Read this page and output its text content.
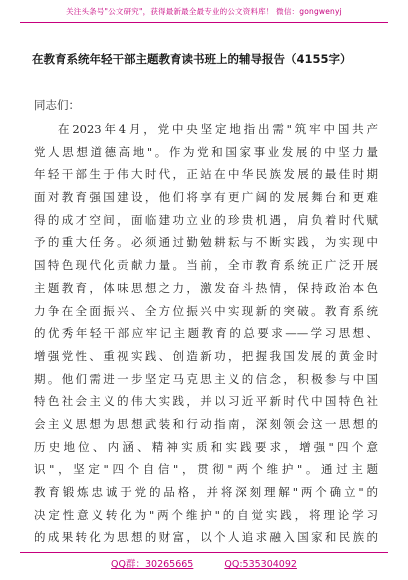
关注头条号"公文研究"，获得最新最全最专业的公文资料库！ 微信：gongwenyj
在教育系统年轻干部主题教育读书班上的辅导报告（4155字）
同志们：
在2023年4月，党中央坚定地指出需"筑牢中国共产
党人思想道德高地"。作为党和国家事业发展的中坚力量
年轻干部生于伟大时代，正站在中华民族发展的最佳时期
面对教育强国建设，他们将享有更广阔的发展舞台和更难
得的成才空间，面临建功立业的珍贵机遇，肩负着时代赋
予的重大任务。必须通过勤勉耕耘与不断实践，为实现中
国特色现代化贡献力量。当前，全市教育系统正广泛开展
主题教育，体味思想之力，激发奋斗热情，保持政治本色
力争在全面振兴、全方位振兴中实现新的突破。教育系统
的优秀年轻干部应牢记主题教育的总要求——学习思想、
增强党性、重视实践、创造新功，把握我国发展的黄金时
期。他们需进一步坚定马克思主义的信念，积极参与中国
特色社会主义的伟大实践，并以习近平新时代中国特色社
会主义思想为思想武装和行动指南，深刻领会这一思想的
历史地位、内涵、精神实质和实践要求，增强"四个意
识"，坚定"四个自信"，贯彻"两个维护"。通过主题
教育锻炼忠诚于党的品格，并将深刻理解"两个确立"的
决定性意义转化为"两个维护"的自觉实践，将理论学习
的成果转化为思想的财富，以个人追求融入国家和民族的
QQ群：30265665	QQ:535304092
